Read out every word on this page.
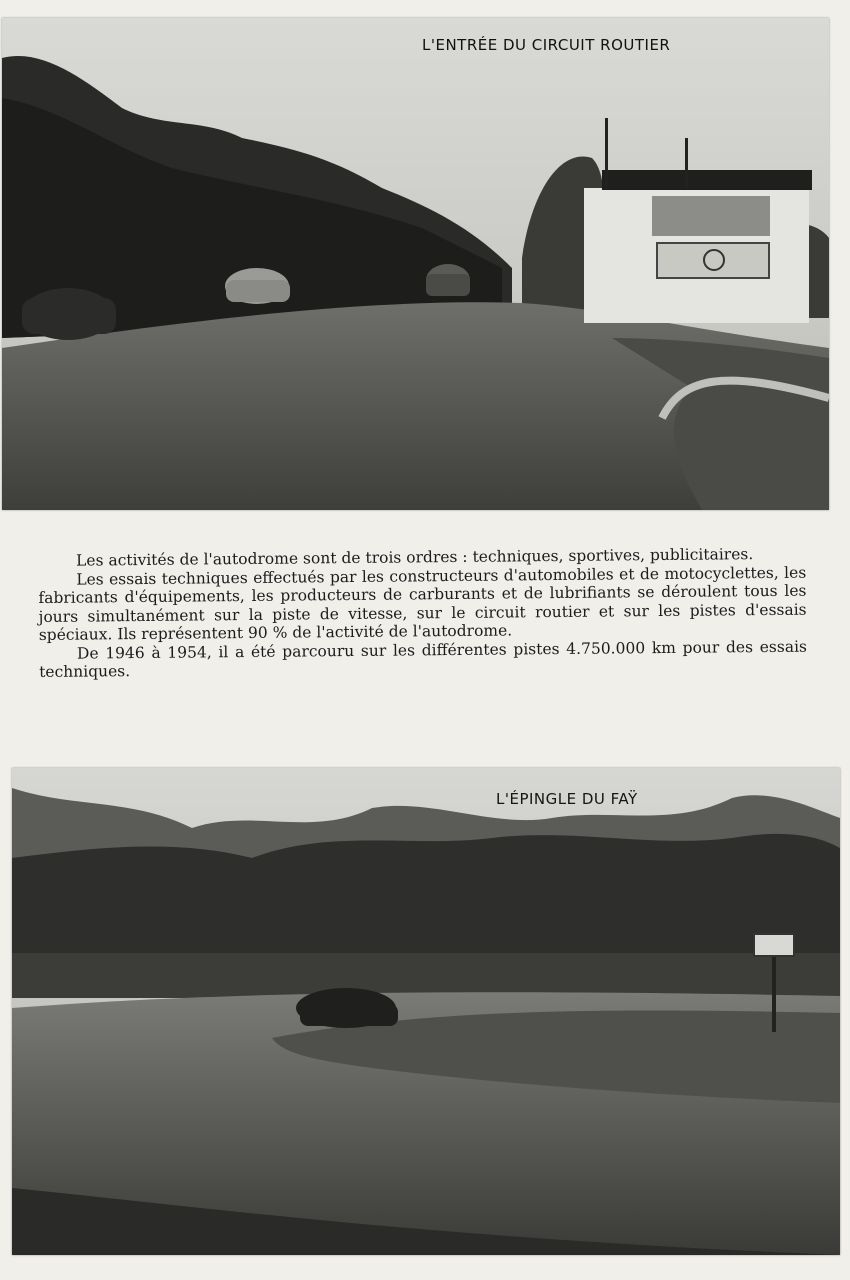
L'ENTRÉE DU CIRCUIT ROUTIER

Les activités de l'autodrome sont de trois ordres : techniques, sportives, publicitaires.

Les essais techniques effectués par les constructeurs d'automobiles et de motocyclettes, les fabricants d'équipements, les producteurs de carburants et de lubrifiants se déroulent tous les jours simultanément sur la piste de vitesse, sur le circuit routier et sur les pistes d'essais spéciaux. Ils représentent 90 % de l'activité de l'autodrome.

De 1946 à 1954, il a été parcouru sur les différentes pistes 4.750.000 km pour des essais techniques.

L'ÉPINGLE DU FAŸ
